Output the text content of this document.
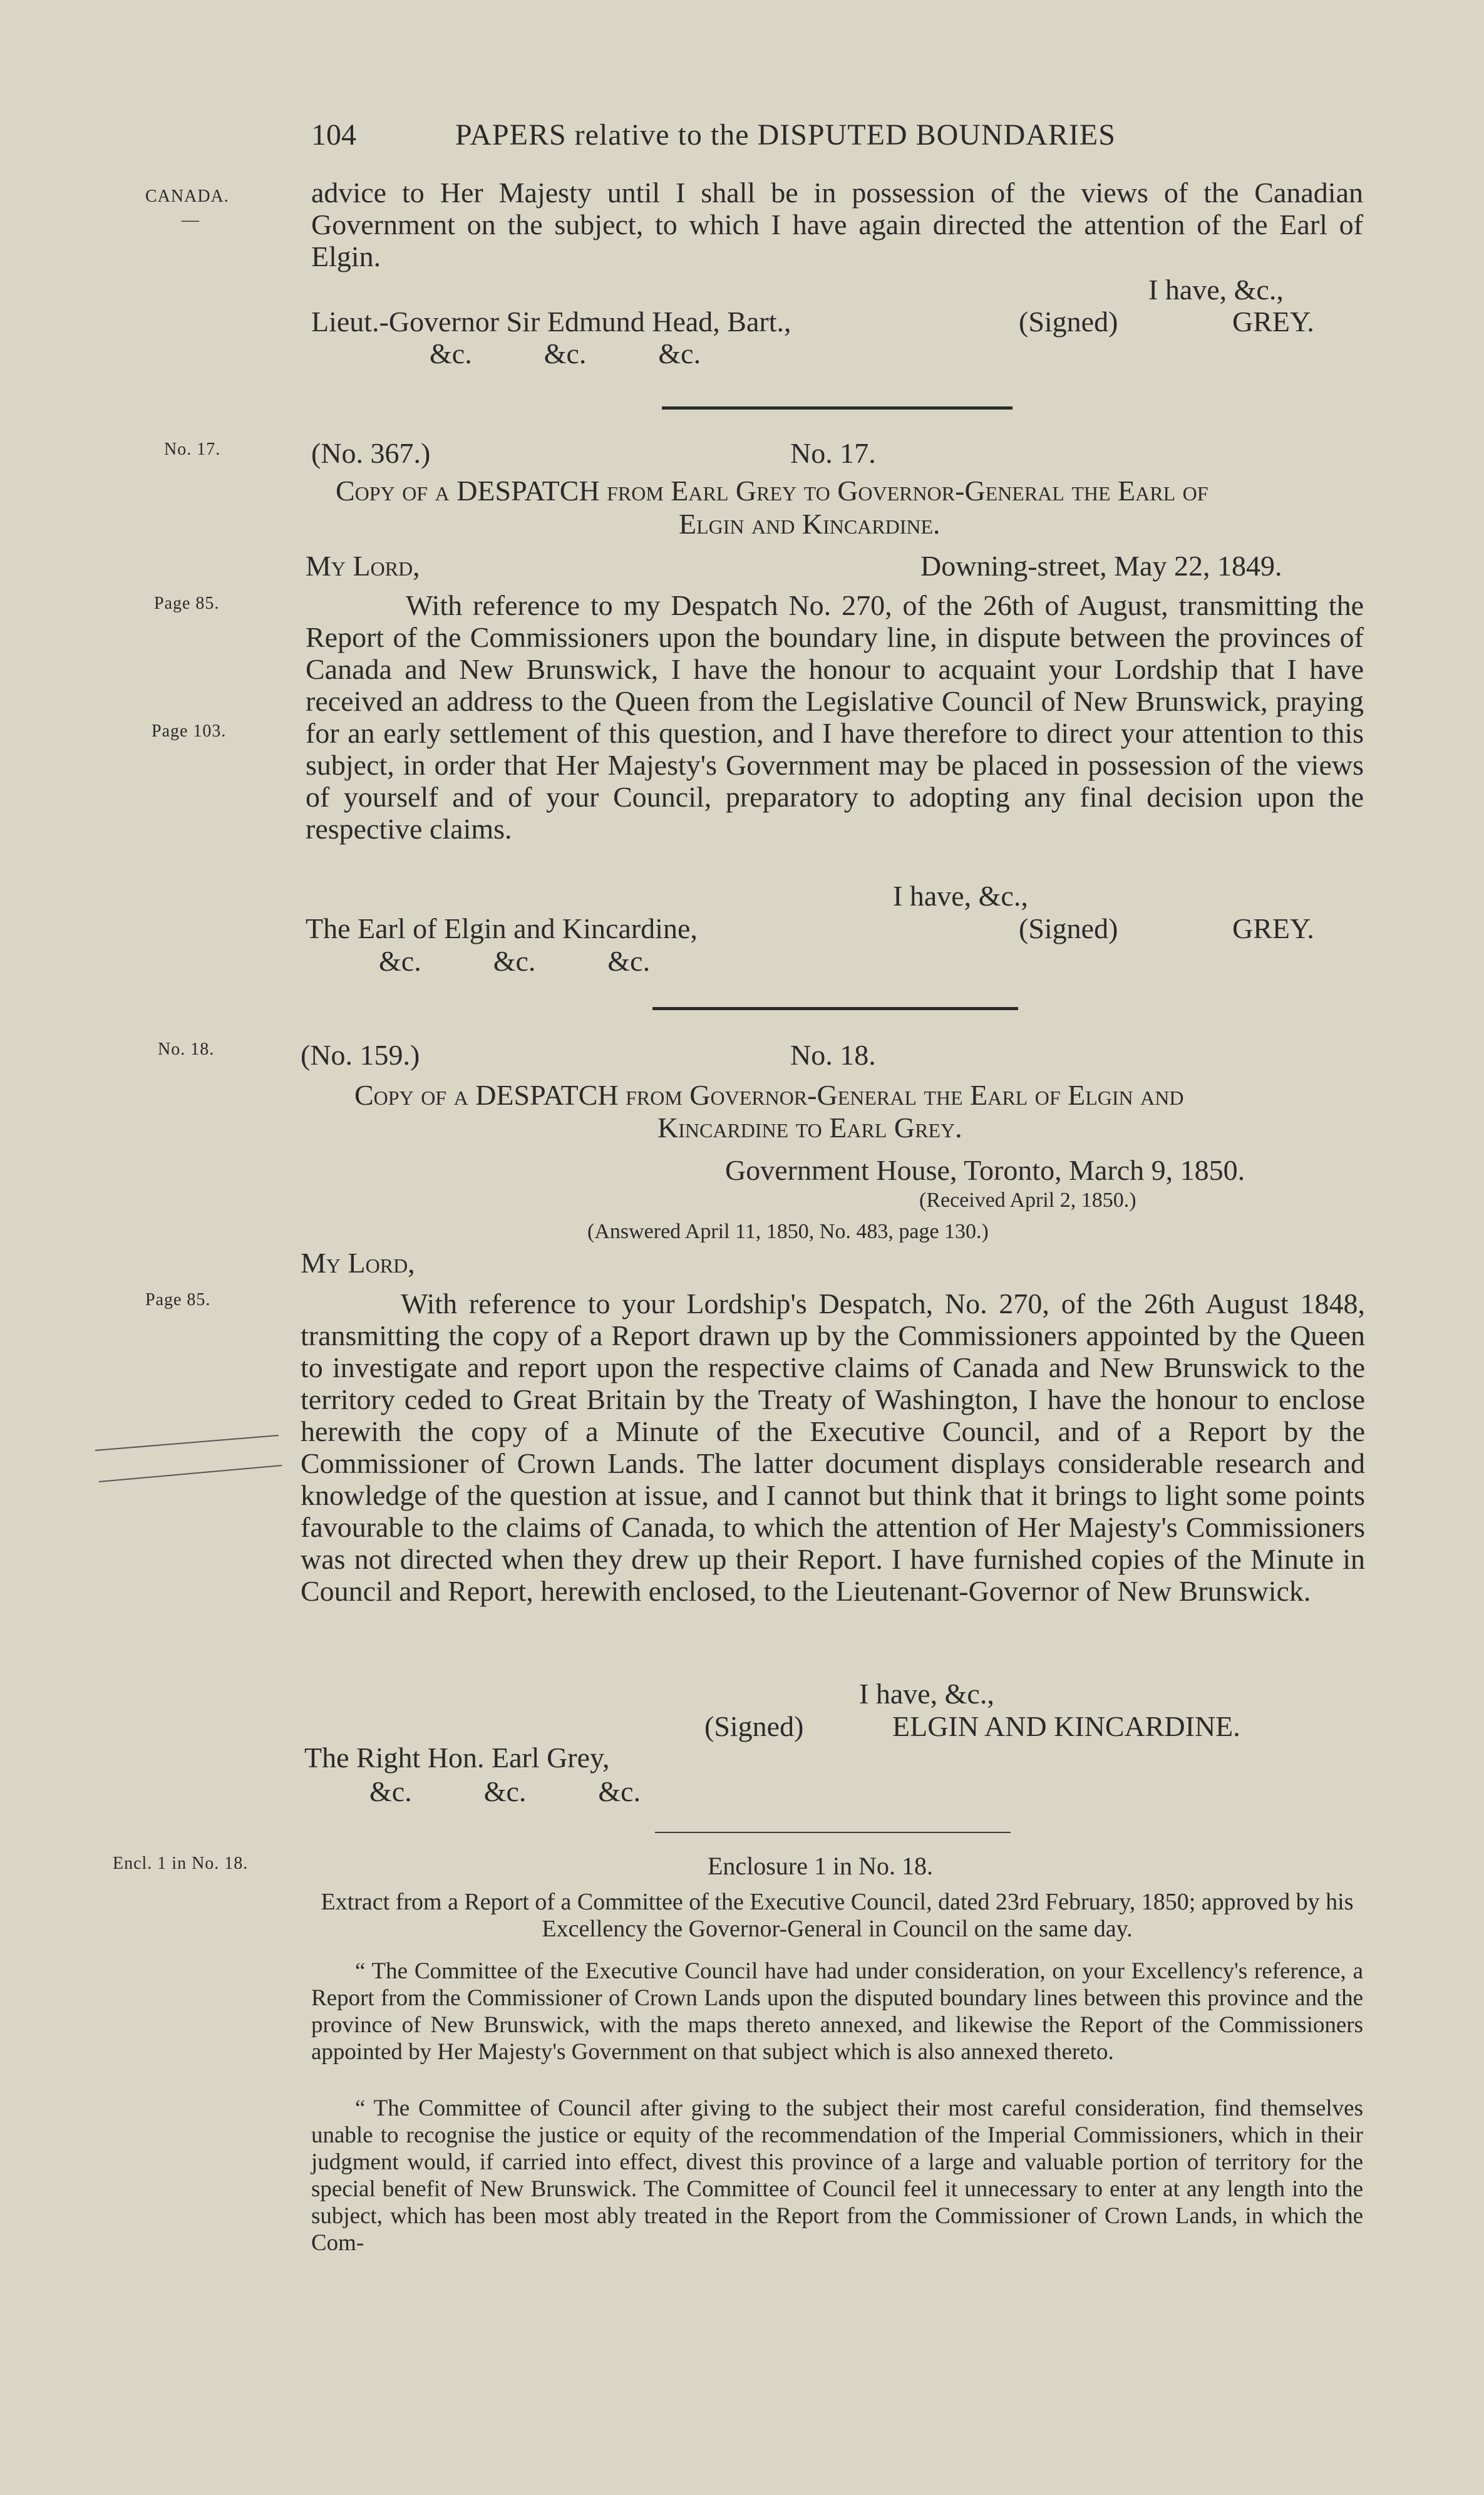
104	PAPERS relative to the DISPUTED BOUNDARIES
CANADA.
—
No. 17.
Page 85.
Page 103.
No. 18.
Page 85.
Encl. 1 in No. 18.
advice to Her Majesty until I shall be in possession of the views of the Canadian Government on the subject, to which I have again directed the attention of the Earl of Elgin.
I have, &c.,
Lieut.-Governor Sir Edmund Head, Bart.,	(Signed)	GREY.
&c.          &c.          &c.
(No. 367.)	No. 17.
Copy of a DESPATCH from Earl Grey to Governor-General the Earl of
Elgin and Kincardine.
My Lord,	Downing-street, May 22, 1849.
With reference to my Despatch No. 270, of the 26th of August, transmitting the Report of the Commissioners upon the boundary line, in dispute between the provinces of Canada and New Brunswick, I have the honour to acquaint your Lordship that I have received an address to the Queen from the Legislative Council of New Brunswick, praying for an early settlement of this question, and I have therefore to direct your attention to this subject, in order that Her Majesty's Government may be placed in possession of the views of yourself and of your Council, preparatory to adopting any final decision upon the respective claims.
I have, &c.,
The Earl of Elgin and Kincardine,	(Signed)	GREY.
&c.          &c.          &c.
(No. 159.)	No. 18.
Copy of a DESPATCH from Governor-General the Earl of Elgin and
Kincardine to Earl Grey.
Government House, Toronto, March 9, 1850.
(Received April 2, 1850.)
(Answered April 11, 1850, No. 483, page 130.)
My Lord,
With reference to your Lordship's Despatch, No. 270, of the 26th August 1848, transmitting the copy of a Report drawn up by the Commissioners appointed by the Queen to investigate and report upon the respective claims of Canada and New Brunswick to the territory ceded to Great Britain by the Treaty of Washington, I have the honour to enclose herewith the copy of a Minute of the Executive Council, and of a Report by the Commissioner of Crown Lands. The latter document displays considerable research and knowledge of the question at issue, and I cannot but think that it brings to light some points favourable to the claims of Canada, to which the attention of Her Majesty's Commissioners was not directed when they drew up their Report. I have furnished copies of the Minute in Council and Report, herewith enclosed, to the Lieutenant-Governor of New Brunswick.
I have, &c.,
(Signed)	ELGIN AND KINCARDINE.
The Right Hon. Earl Grey,
&c.          &c.          &c.
Enclosure 1 in No. 18.
Extract from a Report of a Committee of the Executive Council, dated 23rd February, 1850; approved by his Excellency the Governor-General in Council on the same day.
“ The Committee of the Executive Council have had under consideration, on your Excellency's reference, a Report from the Commissioner of Crown Lands upon the disputed boundary lines between this province and the province of New Brunswick, with the maps thereto annexed, and likewise the Report of the Commissioners appointed by Her Majesty's Government on that subject which is also annexed thereto.
“ The Committee of Council after giving to the subject their most careful consideration, find themselves unable to recognise the justice or equity of the recommendation of the Imperial Commissioners, which in their judgment would, if carried into effect, divest this province of a large and valuable portion of territory for the special benefit of New Brunswick. The Committee of Council feel it unnecessary to enter at any length into the subject, which has been most ably treated in the Report from the Commissioner of Crown Lands, in which the Com-
